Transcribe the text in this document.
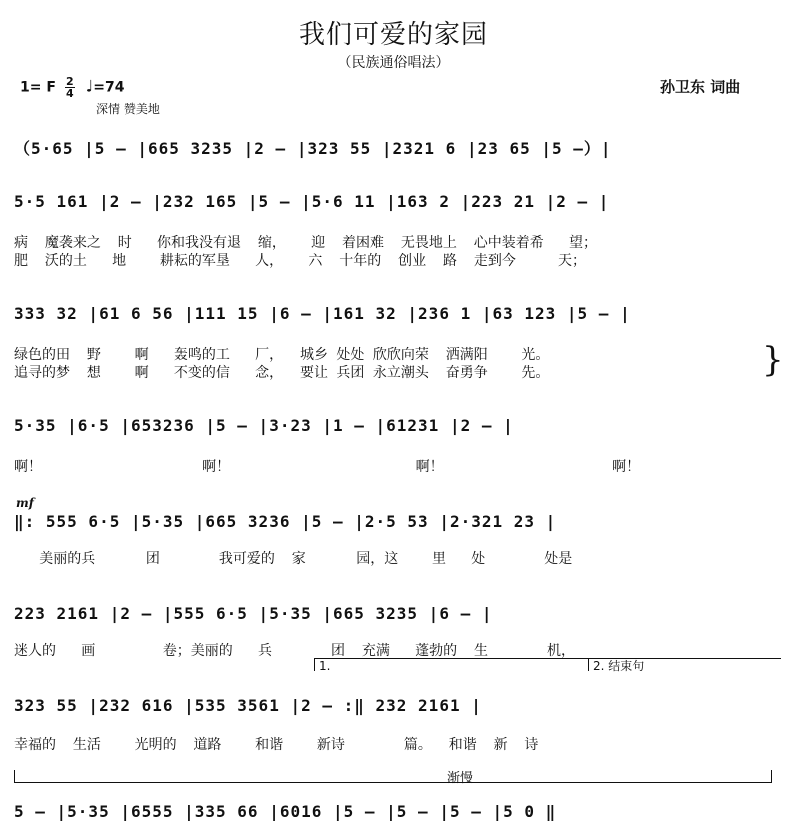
我们可爱的家园
（民族通俗唱法）
1= F $\frac{2}{4}$ ♩=74
深情 赞美地
孙卫东 词曲
（5·65 |5 – |665 3235 |2 – |323 55 |2321 6 |23 65 |5 –）|
5·5 161 |2 – |232 165 |5 – |5·6 11 |163 2 |223 21 |2 – |
病  魔袭来之  时   你和我没有退  缩，   迎  着困难  无畏地上  心中装着希   望；
肥  沃的土   地    耕耘的军垦   人，   六  十年的  创业  路  走到今     天；
333 32 |61 6 56 |111 15 |6 – |161 32 |236 1 |63 123 |5 – |
绿色的田  野    啊   轰鸣的工   厂，  城乡 处处 欣欣向荣  洒满阳    光。
追寻的梦  想    啊   不变的信   念，  要让 兵团 永立潮头  奋勇争    先。	}
5·35 |6·5 |653236 |5 – |3·23 |1 – |61231 |2 – |
啊！                   啊！                      啊！                    啊！
mf
‖: 555 6·5 |5·35 |665 3236 |5 – |2·5 53 |2·321 23 |
美丽的兵      团       我可爱的  家      园，这    里   处       处是
223 2161 |2 – |555 6·5 |5·35 |665 3235 |6 – |
迷人的   画        卷；美丽的   兵       团  充满   蓬勃的  生       机，
1.	2. 结束句
323 55 |232 616 |535 3561 |2 – :‖ 232 2161 |
幸福的  生活    光明的  道路    和谐    新诗       篇。  和谐  新  诗
渐慢
5 – |5·35 |6555 |335 66 |6016 |5 – |5 – |5 – |5 0 ‖
